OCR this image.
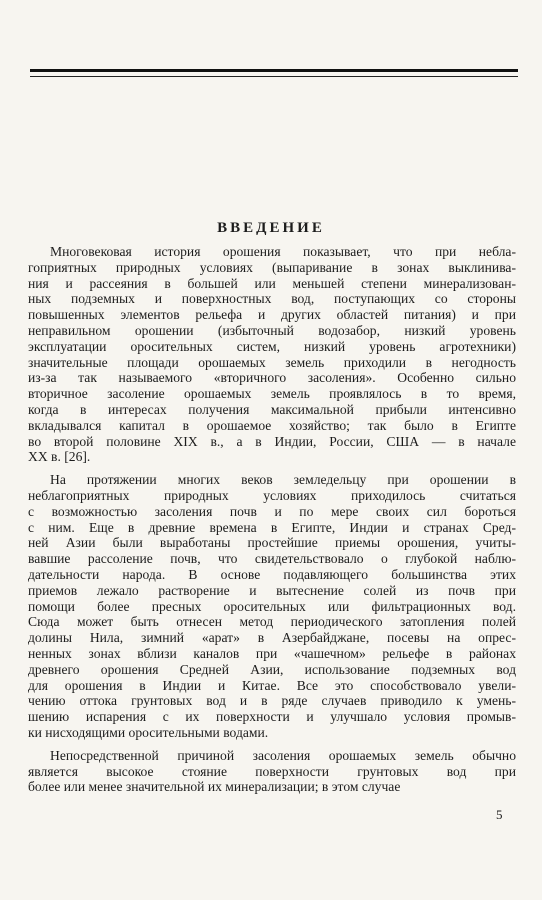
ВВЕДЕНИЕ
Многовековая история орошения показывает, что при небла-
гоприятных природных условиях (выпаривание в зонах выклинива-
ния и рассеяния в большей или меньшей степени минерализован-
ных подземных и поверхностных вод, поступающих со стороны
повышенных элементов рельефа и других областей питания) и при
неправильном орошении (избыточный водозабор, низкий уровень
эксплуатации оросительных систем, низкий уровень агротехники)
значительные площади орошаемых земель приходили в негодность
из-за так называемого «вторичного засоления». Особенно сильно
вторичное засоление орошаемых земель проявлялось в то время,
когда в интересах получения максимальной прибыли интенсивно
вкладывался капитал в орошаемое хозяйство; так было в Египте
во второй половине XIX в., а в Индии, России, США — в начале
XX в. [26].
На протяжении многих веков земледельцу при орошении в
неблагоприятных природных условиях приходилось считаться
с возможностью засоления почв и по мере своих сил бороться
с ним. Еще в древние времена в Египте, Индии и странах Сред-
ней Азии были выработаны простейшие приемы орошения, учиты-
вавшие рассоление почв, что свидетельствовало о глубокой наблю-
дательности народа. В основе подавляющего большинства этих
приемов лежало растворение и вытеснение солей из почв при
помощи более пресных оросительных или фильтрационных вод.
Сюда может быть отнесен метод периодического затопления полей
долины Нила, зимний «арат» в Азербайджане, посевы на опрес-
ненных зонах вблизи каналов при «чашечном» рельефе в районах
древнего орошения Средней Азии, использование подземных вод
для орошения в Индии и Китае. Все это способствовало увели-
чению оттока грунтовых вод и в ряде случаев приводило к умень-
шению испарения с их поверхности и улучшало условия промыв-
ки нисходящими оросительными водами.
Непосредственной причиной засоления орошаемых земель обычно
является высокое стояние поверхности грунтовых вод при
более или менее значительной их минерализации; в этом случае

5
